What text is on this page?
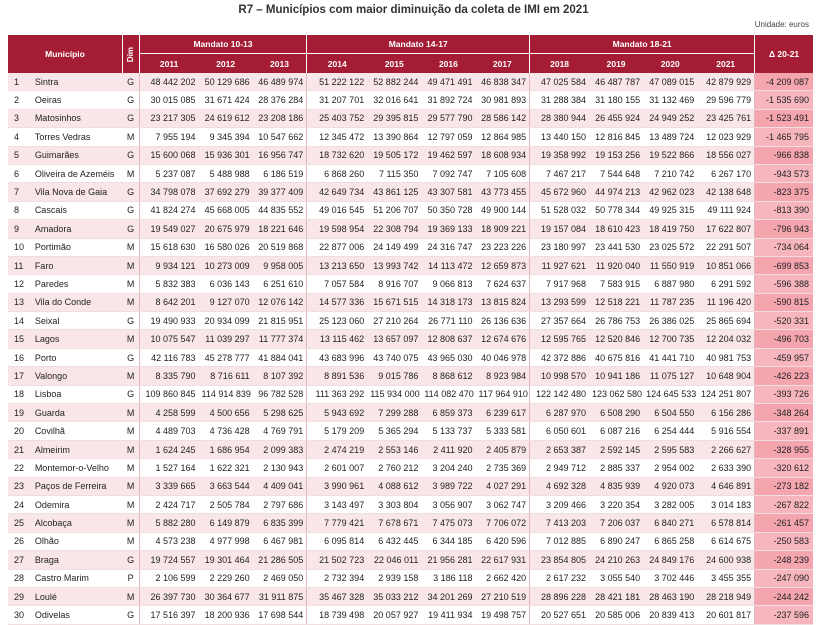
R7 – Municípios com maior diminuição da coleta de IMI em 2021
Unidade: euros
Município		Dim	Mandato 10-13			Mandato 14-17				Mandato 18-21				Δ 20-21
			2011	2012	2013	2014	2015	2016	2017	2018	2019	2020	2021	
1	Sintra	G	48 442 202	50 129 686	46 489 974	51 222 122	52 882 244	49 471 491	46 838 347	47 025 584	46 487 787	47 089 015	42 879 929	-4 209 087
2	Oeiras	G	30 015 085	31 671 424	28 376 284	31 207 701	32 016 641	31 892 724	30 981 893	31 288 384	31 180 155	31 132 469	29 596 779	-1 535 690
3	Matosinhos	G	23 217 305	24 619 612	23 208 186	25 403 752	29 395 815	29 577 790	28 586 142	28 380 944	26 455 924	24 949 252	23 425 761	-1 523 491
4	Torres Vedras	M	7 955 194	9 345 394	10 547 662	12 345 472	13 390 864	12 797 059	12 864 985	13 440 150	12 816 845	13 489 724	12 023 929	-1 465 795
5	Guimarães	G	15 600 068	15 936 301	16 956 747	18 732 620	19 505 172	19 462 597	18 608 934	19 358 992	19 153 256	19 522 866	18 556 027	-966 838
6	Oliveira de Azeméis	M	5 237 087	5 488 988	6 186 519	6 868 260	7 115 350	7 092 747	7 105 608	7 467 217	7 544 648	7 210 742	6 267 170	-943 573
7	Vila Nova de Gaia	G	34 798 078	37 692 279	39 377 409	42 649 734	43 861 125	43 307 581	43 773 455	45 672 960	44 974 213	42 962 023	42 138 648	-823 375
8	Cascais	G	41 824 274	45 668 005	44 835 552	49 016 545	51 206 707	50 350 728	49 900 144	51 528 032	50 778 344	49 925 315	49 111 924	-813 390
9	Amadora	G	19 549 027	20 675 979	18 221 646	19 598 954	22 308 794	19 369 133	18 909 221	19 157 084	18 610 423	18 419 750	17 622 807	-796 943
10	Portimão	M	15 618 630	16 580 026	20 519 868	22 877 006	24 149 499	24 316 747	23 223 226	23 180 997	23 441 530	23 025 572	22 291 507	-734 064
11	Faro	M	9 934 121	10 273 009	9 958 005	13 213 650	13 993 742	14 113 472	12 659 873	11 927 621	11 920 040	11 550 919	10 851 066	-699 853
12	Paredes	M	5 832 383	6 036 143	6 251 610	7 057 584	8 916 707	9 066 813	7 624 637	7 917 968	7 583 915	6 887 980	6 291 592	-596 388
13	Vila do Conde	M	8 642 201	9 127 070	12 076 142	14 577 336	15 671 515	14 318 173	13 815 824	13 293 599	12 518 221	11 787 235	11 196 420	-590 815
14	Seixal	G	19 490 933	20 934 099	21 815 951	25 123 060	27 210 264	26 771 110	26 136 636	27 357 664	26 786 753	26 386 025	25 865 694	-520 331
15	Lagos	M	10 075 547	11 039 297	11 777 374	13 115 462	13 657 097	12 808 637	12 674 676	12 595 765	12 520 846	12 700 735	12 204 032	-496 703
16	Porto	G	42 116 783	45 278 777	41 884 041	43 683 996	43 740 075	43 965 030	40 046 978	42 372 886	40 675 816	41 441 710	40 981 753	-459 957
17	Valongo	M	8 335 790	8 716 611	8 107 392	8 891 536	9 015 786	8 868 612	8 923 984	10 998 570	10 941 186	11 075 127	10 648 904	-426 223
18	Lisboa	G	109 860 845	114 914 839	96 782 528	111 363 292	115 934 000	114 082 470	117 964 910	122 142 480	123 062 580	124 645 533	124 251 807	-393 726
19	Guarda	M	4 258 599	4 500 656	5 298 625	5 943 692	7 299 288	6 859 373	6 239 617	6 287 970	6 508 290	6 504 550	6 156 286	-348 264
20	Covilhã	M	4 489 703	4 736 428	4 769 791	5 179 209	5 365 294	5 133 737	5 333 581	6 050 601	6 087 216	6 254 444	5 916 554	-337 891
21	Almeirim	M	1 624 245	1 686 954	2 099 383	2 474 219	2 553 146	2 411 920	2 405 879	2 653 387	2 592 145	2 595 583	2 266 627	-328 955
22	Montemor-o-Velho	M	1 527 164	1 622 321	2 130 943	2 601 007	2 760 212	3 204 240	2 735 369	2 949 712	2 885 337	2 954 002	2 633 390	-320 612
23	Paços de Ferreira	M	3 339 665	3 663 544	4 409 041	3 990 961	4 088 612	3 989 722	4 027 291	4 692 328	4 835 939	4 920 073	4 646 891	-273 182
24	Odemira	M	2 424 717	2 505 784	2 797 686	3 143 497	3 303 804	3 056 907	3 062 747	3 209 466	3 220 354	3 282 005	3 014 183	-267 822
25	Alcobaça	M	5 882 280	6 149 879	6 835 399	7 779 421	7 678 671	7 475 073	7 706 072	7 413 203	7 206 037	6 840 271	6 578 814	-261 457
26	Olhão	M	4 573 238	4 977 998	6 467 981	6 095 814	6 432 445	6 344 185	6 420 596	7 012 885	6 890 247	6 865 258	6 614 675	-250 583
27	Braga	G	19 724 557	19 301 464	21 286 505	21 502 723	22 046 011	21 956 281	22 617 931	23 854 805	24 210 263	24 849 176	24 600 938	-248 239
28	Castro Marim	P	2 106 599	2 229 260	2 469 050	2 732 394	2 939 158	3 186 118	2 662 420	2 617 232	3 055 540	3 702 446	3 455 355	-247 090
29	Loulé	M	26 397 730	30 364 677	31 911 875	35 467 328	35 033 212	34 201 269	27 210 519	28 896 228	28 421 181	28 463 190	28 218 949	-244 242
30	Odivelas	G	17 516 397	18 200 936	17 698 544	18 739 498	20 057 927	19 411 934	19 498 757	20 527 651	20 585 006	20 839 413	20 601 817	-237 596
